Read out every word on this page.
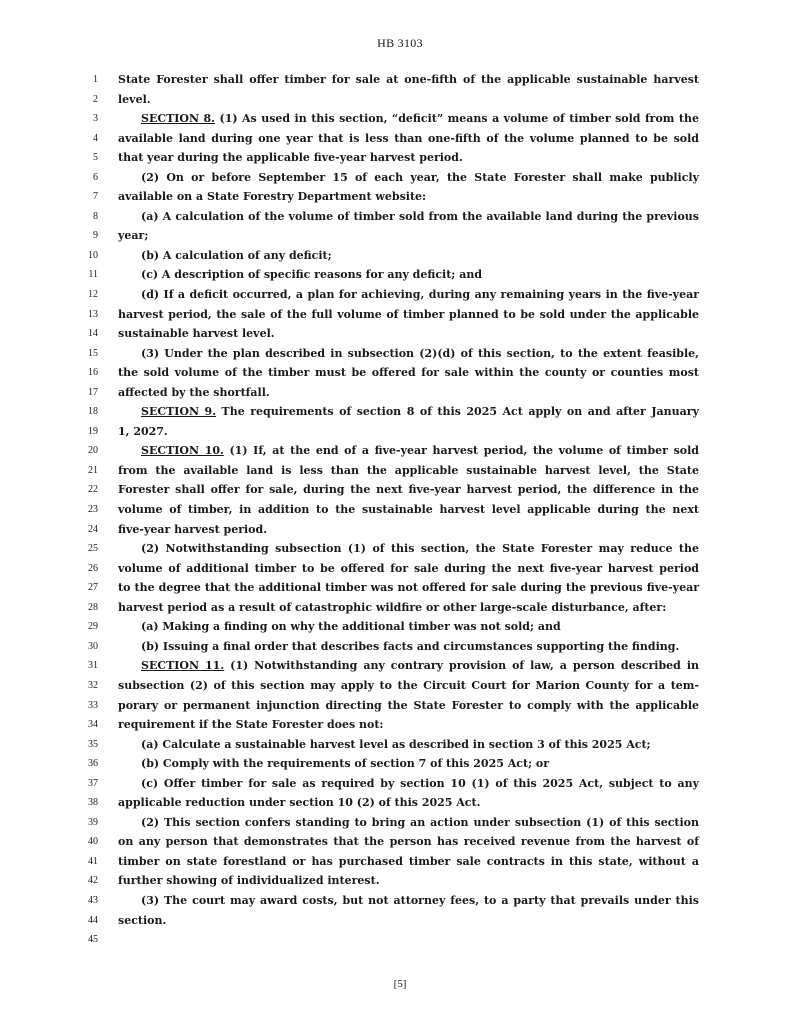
HB 3103
1 State Forester shall offer timber for sale at one-fifth of the applicable sustainable harvest
2 level.
3	SECTION 8. (1) As used in this section, “deficit” means a volume of timber sold from the
4 available land during one year that is less than one-fifth of the volume planned to be sold
5 that year during the applicable five-year harvest period.
6	(2) On or before September 15 of each year, the State Forester shall make publicly
7 available on a State Forestry Department website:
8	(a) A calculation of the volume of timber sold from the available land during the previous
9 year;
10	(b) A calculation of any deficit;
11	(c) A description of specific reasons for any deficit; and
12	(d) If a deficit occurred, a plan for achieving, during any remaining years in the five-year
13 harvest period, the sale of the full volume of timber planned to be sold under the applicable
14 sustainable harvest level.
15	(3) Under the plan described in subsection (2)(d) of this section, to the extent feasible,
16 the sold volume of the timber must be offered for sale within the county or counties most
17 affected by the shortfall.
18	SECTION 9. The requirements of section 8 of this 2025 Act apply on and after January
19 1, 2027.
20	SECTION 10. (1) If, at the end of a five-year harvest period, the volume of timber sold
21 from the available land is less than the applicable sustainable harvest level, the State
22 Forester shall offer for sale, during the next five-year harvest period, the difference in the
23 volume of timber, in addition to the sustainable harvest level applicable during the next
24 five-year harvest period.
25	(2) Notwithstanding subsection (1) of this section, the State Forester may reduce the
26 volume of additional timber to be offered for sale during the next five-year harvest period
27 to the degree that the additional timber was not offered for sale during the previous five-year
28 harvest period as a result of catastrophic wildfire or other large-scale disturbance, after:
29	(a) Making a finding on why the additional timber was not sold; and
30	(b) Issuing a final order that describes facts and circumstances supporting the finding.
31	SECTION 11. (1) Notwithstanding any contrary provision of law, a person described in
32 subsection (2) of this section may apply to the Circuit Court for Marion County for a tem-
33 porary or permanent injunction directing the State Forester to comply with the applicable
34 requirement if the State Forester does not:
35	(a) Calculate a sustainable harvest level as described in section 3 of this 2025 Act;
36	(b) Comply with the requirements of section 7 of this 2025 Act; or
37	(c) Offer timber for sale as required by section 10 (1) of this 2025 Act, subject to any
38 applicable reduction under section 10 (2) of this 2025 Act.
39	(2) This section confers standing to bring an action under subsection (1) of this section
40 on any person that demonstrates that the person has received revenue from the harvest of
41 timber on state forestland or has purchased timber sale contracts in this state, without a
42 further showing of individualized interest.
43	(3) The court may award costs, but not attorney fees, to a party that prevails under this
44 section.
45
[5]
